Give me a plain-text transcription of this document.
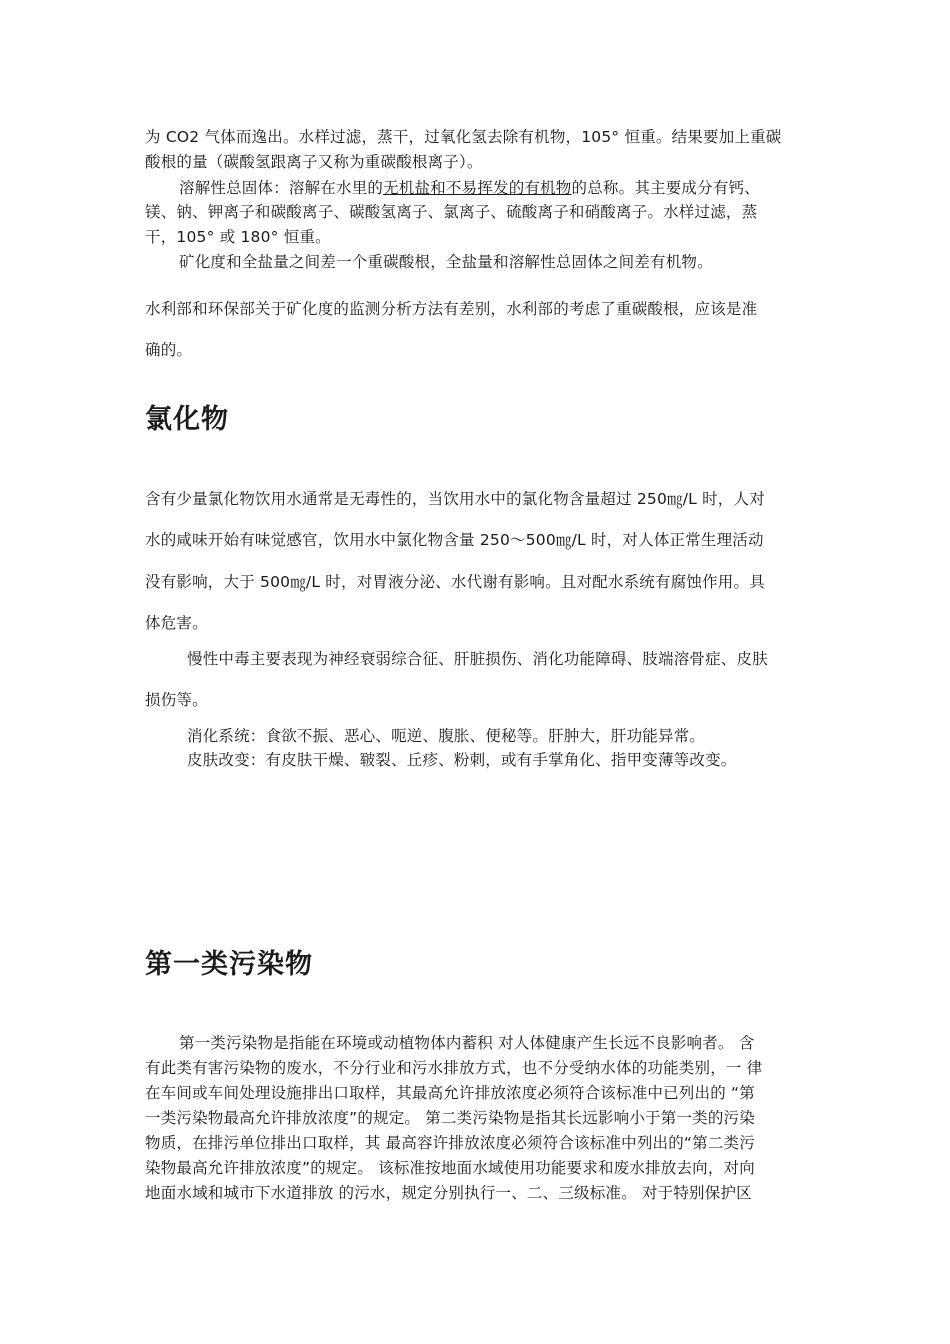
为 CO2 气体而逸出。水样过滤，蒸干，过氧化氢去除有机物，105° 恒重。结果要加上重碳
酸根的量（碳酸氢跟离子又称为重碳酸根离子）。
溶解性总固体：溶解在水里的无机盐和不易挥发的有机物的总称。其主要成分有钙、
镁、钠、钾离子和碳酸离子、碳酸氢离子、氯离子、硫酸离子和硝酸离子。水样过滤，蒸
干，105° 或 180° 恒重。
矿化度和全盐量之间差一个重碳酸根，全盐量和溶解性总固体之间差有机物。
水利部和环保部关于矿化度的监测分析方法有差别，水利部的考虑了重碳酸根，应该是准
确的。
氯化物
含有少量氯化物饮用水通常是无毒性的，当饮用水中的氯化物含量超过 250㎎/L 时，人对
水的咸味开始有味觉感官，饮用水中氯化物含量 250～500㎎/L 时，对人体正常生理活动
没有影响，大于 500㎎/L 时，对胃液分泌、水代谢有影响。且对配水系统有腐蚀作用。具
体危害。
慢性中毒主要表现为神经衰弱综合征、肝脏损伤、消化功能障碍、肢端溶骨症、皮肤
损伤等。
消化系统：食欲不振、恶心、呃逆、腹胀、便秘等。肝肿大，肝功能异常。
皮肤改变：有皮肤干燥、皲裂、丘疹、粉刺，或有手掌角化、指甲变薄等改变。
第一类污染物
第一类污染物是指能在环境或动植物体内蓄积 对人体健康产生长远不良影响者。 含
有此类有害污染物的废水，不分行业和污水排放方式，也不分受纳水体的功能类别，一 律
在车间或车间处理设施排出口取样，其最高允许排放浓度必须符合该标准中已列出的 “第
一类污染物最高允许排放浓度”的规定。 第二类污染物是指其长远影响小于第一类的污染
物质，在排污单位排出口取样，其 最高容许排放浓度必须符合该标准中列出的“第二类污
染物最高允许排放浓度”的规定。 该标准按地面水域使用功能要求和废水排放去向，对向
地面水域和城市下水道排放 的污水，规定分别执行一、二、三级标准。 对于特别保护区
